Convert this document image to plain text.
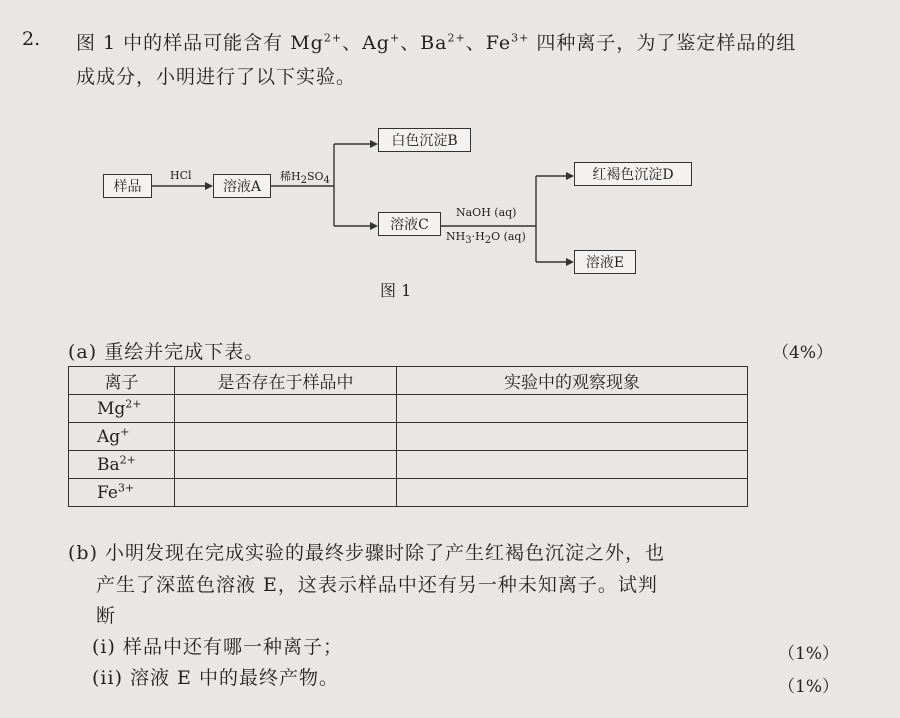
2. 图 1 中的样品可能含有 $Mg^{2+}$、Ag+、$Ba^{2+}$、$Fe^{3+}$ 四种离子，为了鉴定样品的组
成成分，小明进行了以下实验。
样品
HCl
溶液A
稀$H_2SO_4$
白色沉淀B
溶液C
NaOH (aq)
$NH_3\cdot H_2O$ (aq)
红褐色沉淀D
溶液E
图 1
(a) 重绘并完成下表。	（4%）
离子	是否存在于样品中	实验中的观察现象
$Mg^{2+}$		
Ag+		
$Ba^{2+}$		
$Fe^{3+}$		
(b) 小明发现在完成实验的最终步骤时除了产生红褐色沉淀之外，也
产生了深蓝色溶液 E，这表示样品中还有另一种未知离子。试判
断
(i) 样品中还有哪一种离子；	（1%）
(ii) 溶液 E 中的最终产物。	（1%）
